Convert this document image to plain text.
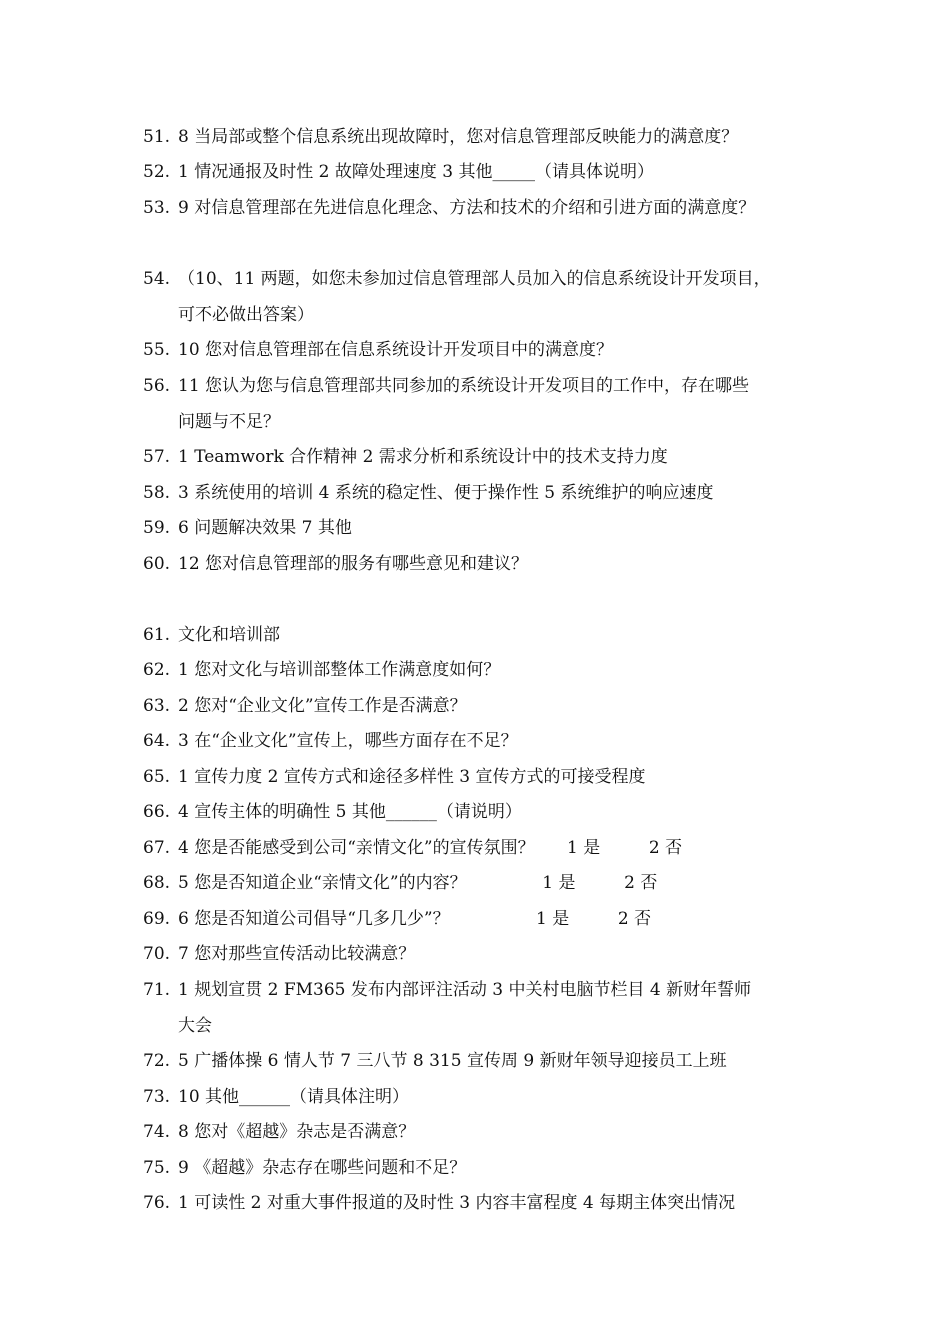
51. 8 当局部或整个信息系统出现故障时，您对信息管理部反映能力的满意度？
52. 1 情况通报及时性 2 故障处理速度 3 其他_____（请具体说明）
53. 9 对信息管理部在先进信息化理念、方法和技术的介绍和引进方面的满意度？
54. （10、11 两题，如您未参加过信息管理部人员加入的信息系统设计开发项目，
可不必做出答案）
55. 10 您对信息管理部在信息系统设计开发项目中的满意度？
56. 11 您认为您与信息管理部共同参加的系统设计开发项目的工作中，存在哪些
问题与不足？
57. 1 Teamwork 合作精神 2 需求分析和系统设计中的技术支持力度
58. 3 系统使用的培训 4 系统的稳定性、便于操作性 5 系统维护的响应速度
59. 6 问题解决效果 7 其他
60. 12 您对信息管理部的服务有哪些意见和建议？
61. 文化和培训部
62. 1 您对文化与培训部整体工作满意度如何？
63. 2 您对“企业文化”宣传工作是否满意？
64. 3 在“企业文化”宣传上，哪些方面存在不足？
65. 1 宣传力度 2 宣传方式和途径多样性 3 宣传方式的可接受程度
66. 4 宣传主体的明确性 5 其他______（请说明）
67. 4 您是否能感受到公司“亲情文化”的宣传氛围？      1 是         2 否
68. 5 您是否知道企业“亲情文化”的内容？              1 是         2 否
69. 6 您是否知道公司倡导“几多几少”？                1 是         2 否
70. 7 您对那些宣传活动比较满意？
71. 1 规划宣贯 2 FM365 发布内部评注活动 3 中关村电脑节栏目 4 新财年誓师
大会
72. 5 广播体操 6 情人节 7 三八节 8 315 宣传周 9 新财年领导迎接员工上班
73. 10 其他______（请具体注明）
74. 8 您对《超越》杂志是否满意？
75. 9 《超越》杂志存在哪些问题和不足？
76. 1 可读性 2 对重大事件报道的及时性 3 内容丰富程度 4 每期主体突出情况
